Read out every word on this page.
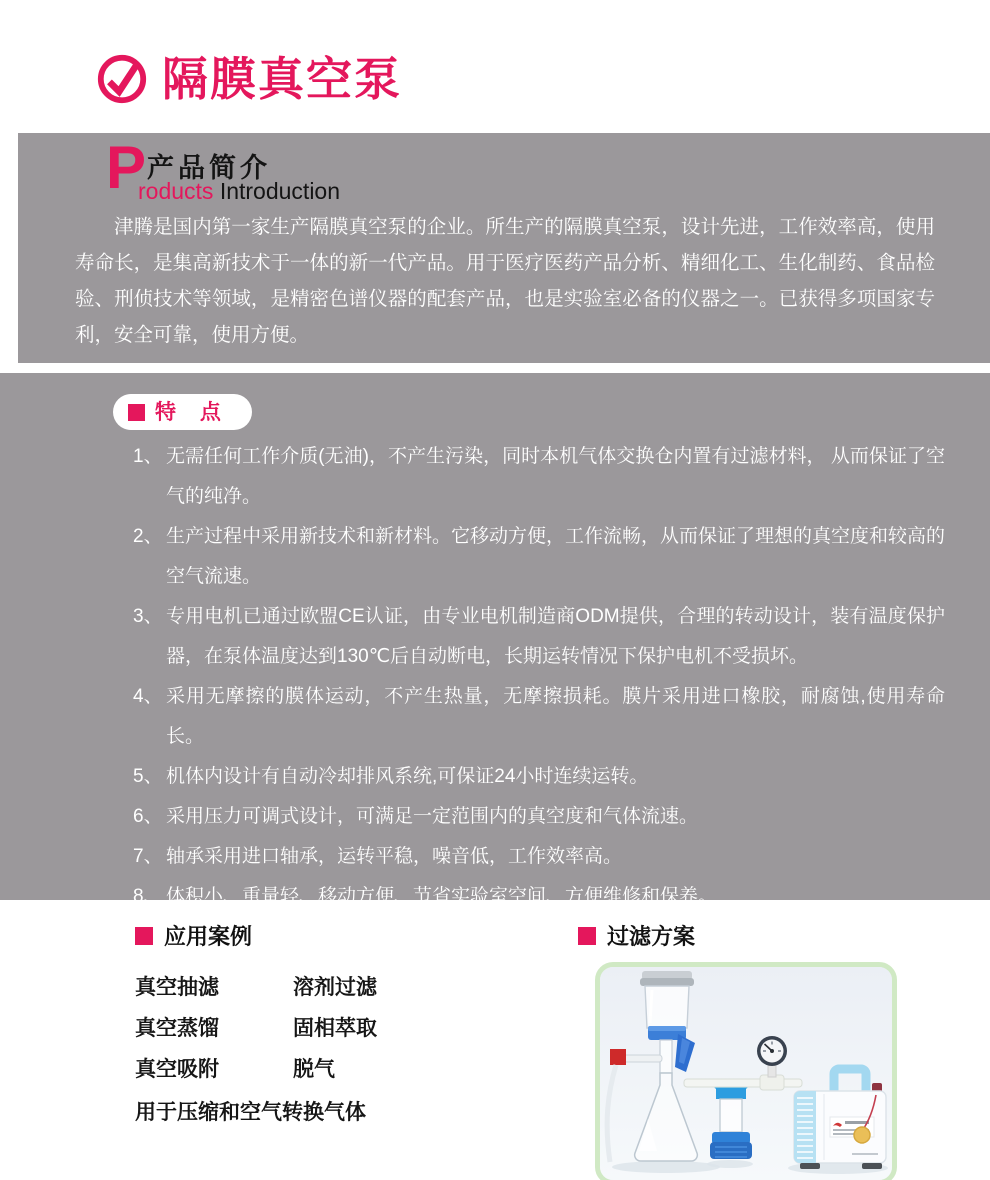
隔膜真空泵
P 产品简介
roducts Introduction

津腾是国内第一家生产隔膜真空泵的企业。所生产的隔膜真空泵，设计先进，工作效率高，使用寿命长，是集高新技术于一体的新一代产品。用于医疗医药产品分析、精细化工、生化制药、食品检验、刑侦技术等领域，是精密色谱仪器的配套产品，也是实验室必备的仪器之一。已获得多项国家专利，安全可靠，使用方便。

特 点
1、 无需任何工作介质(无油)，不产生污染，同时本机气体交换仓内置有过滤材料， 从而保证了空气的纯净。
2、 生产过程中采用新技术和新材料。它移动方便，工作流畅，从而保证了理想的真空度和较高的空气流速。
3、 专用电机已通过欧盟CE认证，由专业电机制造商ODM提供，合理的转动设计，装有温度保护器，在泵体温度达到130℃后自动断电，长期运转情况下保护电机不受损坏。
4、 采用无摩擦的膜体运动，不产生热量，无摩擦损耗。膜片采用进口橡胶，耐腐蚀,使用寿命长。
5、 机体内设计有自动冷却排风系统,可保证24小时连续运转。
6、 采用压力可调式设计，可满足一定范围内的真空度和气体流速。
7、 轴承采用进口轴承，运转平稳，噪音低，工作效率高。
8、 体积小、重量轻、移动方便、节省实验室空间、方便维修和保养。
应用案例
真空抽滤	溶剂过滤
真空蒸馏	固相萃取
真空吸附	脱气
用于压缩和空气转换气体
过滤方案
